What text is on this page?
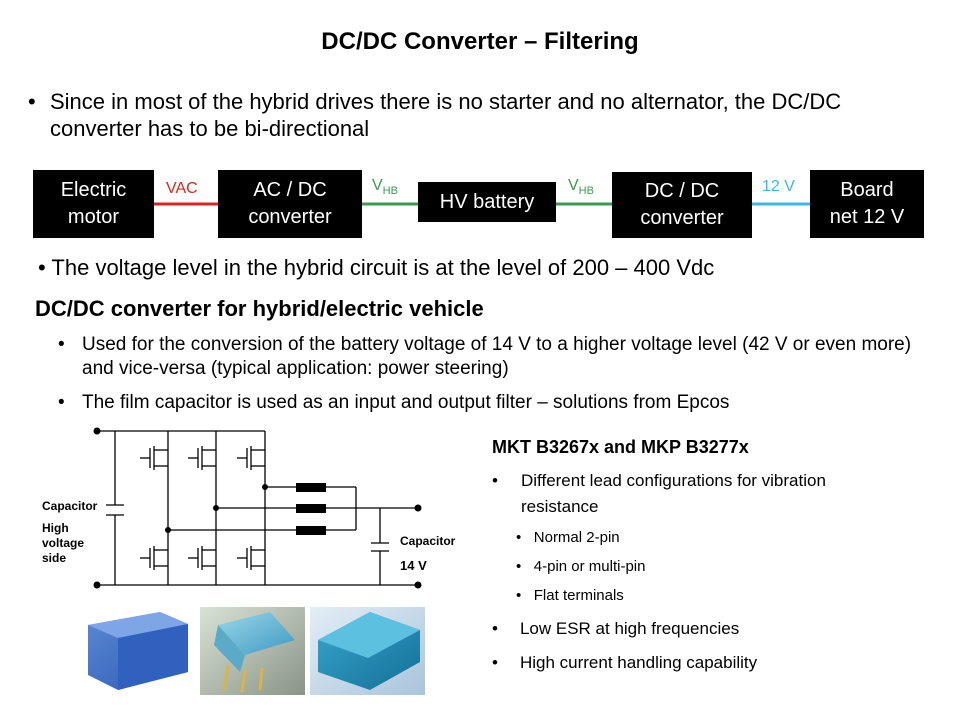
DC/DC Converter – Filtering
• Since in most of the hybrid drives there is no starter and no alternator, the DC/DC converter has to be bi-directional
Electric
motor
AC / DC
converter
HV battery	DC / DC
converter
Board
net 12 V
VAC	$V_{HB}$	$V_{HB}$	12 V
• The voltage level in the hybrid circuit is at the level of 200 – 400 Vdc
DC/DC converter for hybrid/electric vehicle
• Used for the conversion of the battery voltage of 14 V to a higher voltage level (42 V or even more) and vice-versa (typical application: power steering)
• The film capacitor is used as an input and output filter – solutions from Epcos
Capacitor
High voltage side
Capacitor
14 V
MKT B3267x and MKP B3277x
• Different lead configurations for vibration resistance
•   Normal 2-pin
•   4-pin or multi-pin
•   Flat terminals
• Low ESR at high frequencies
• High current handling capability
